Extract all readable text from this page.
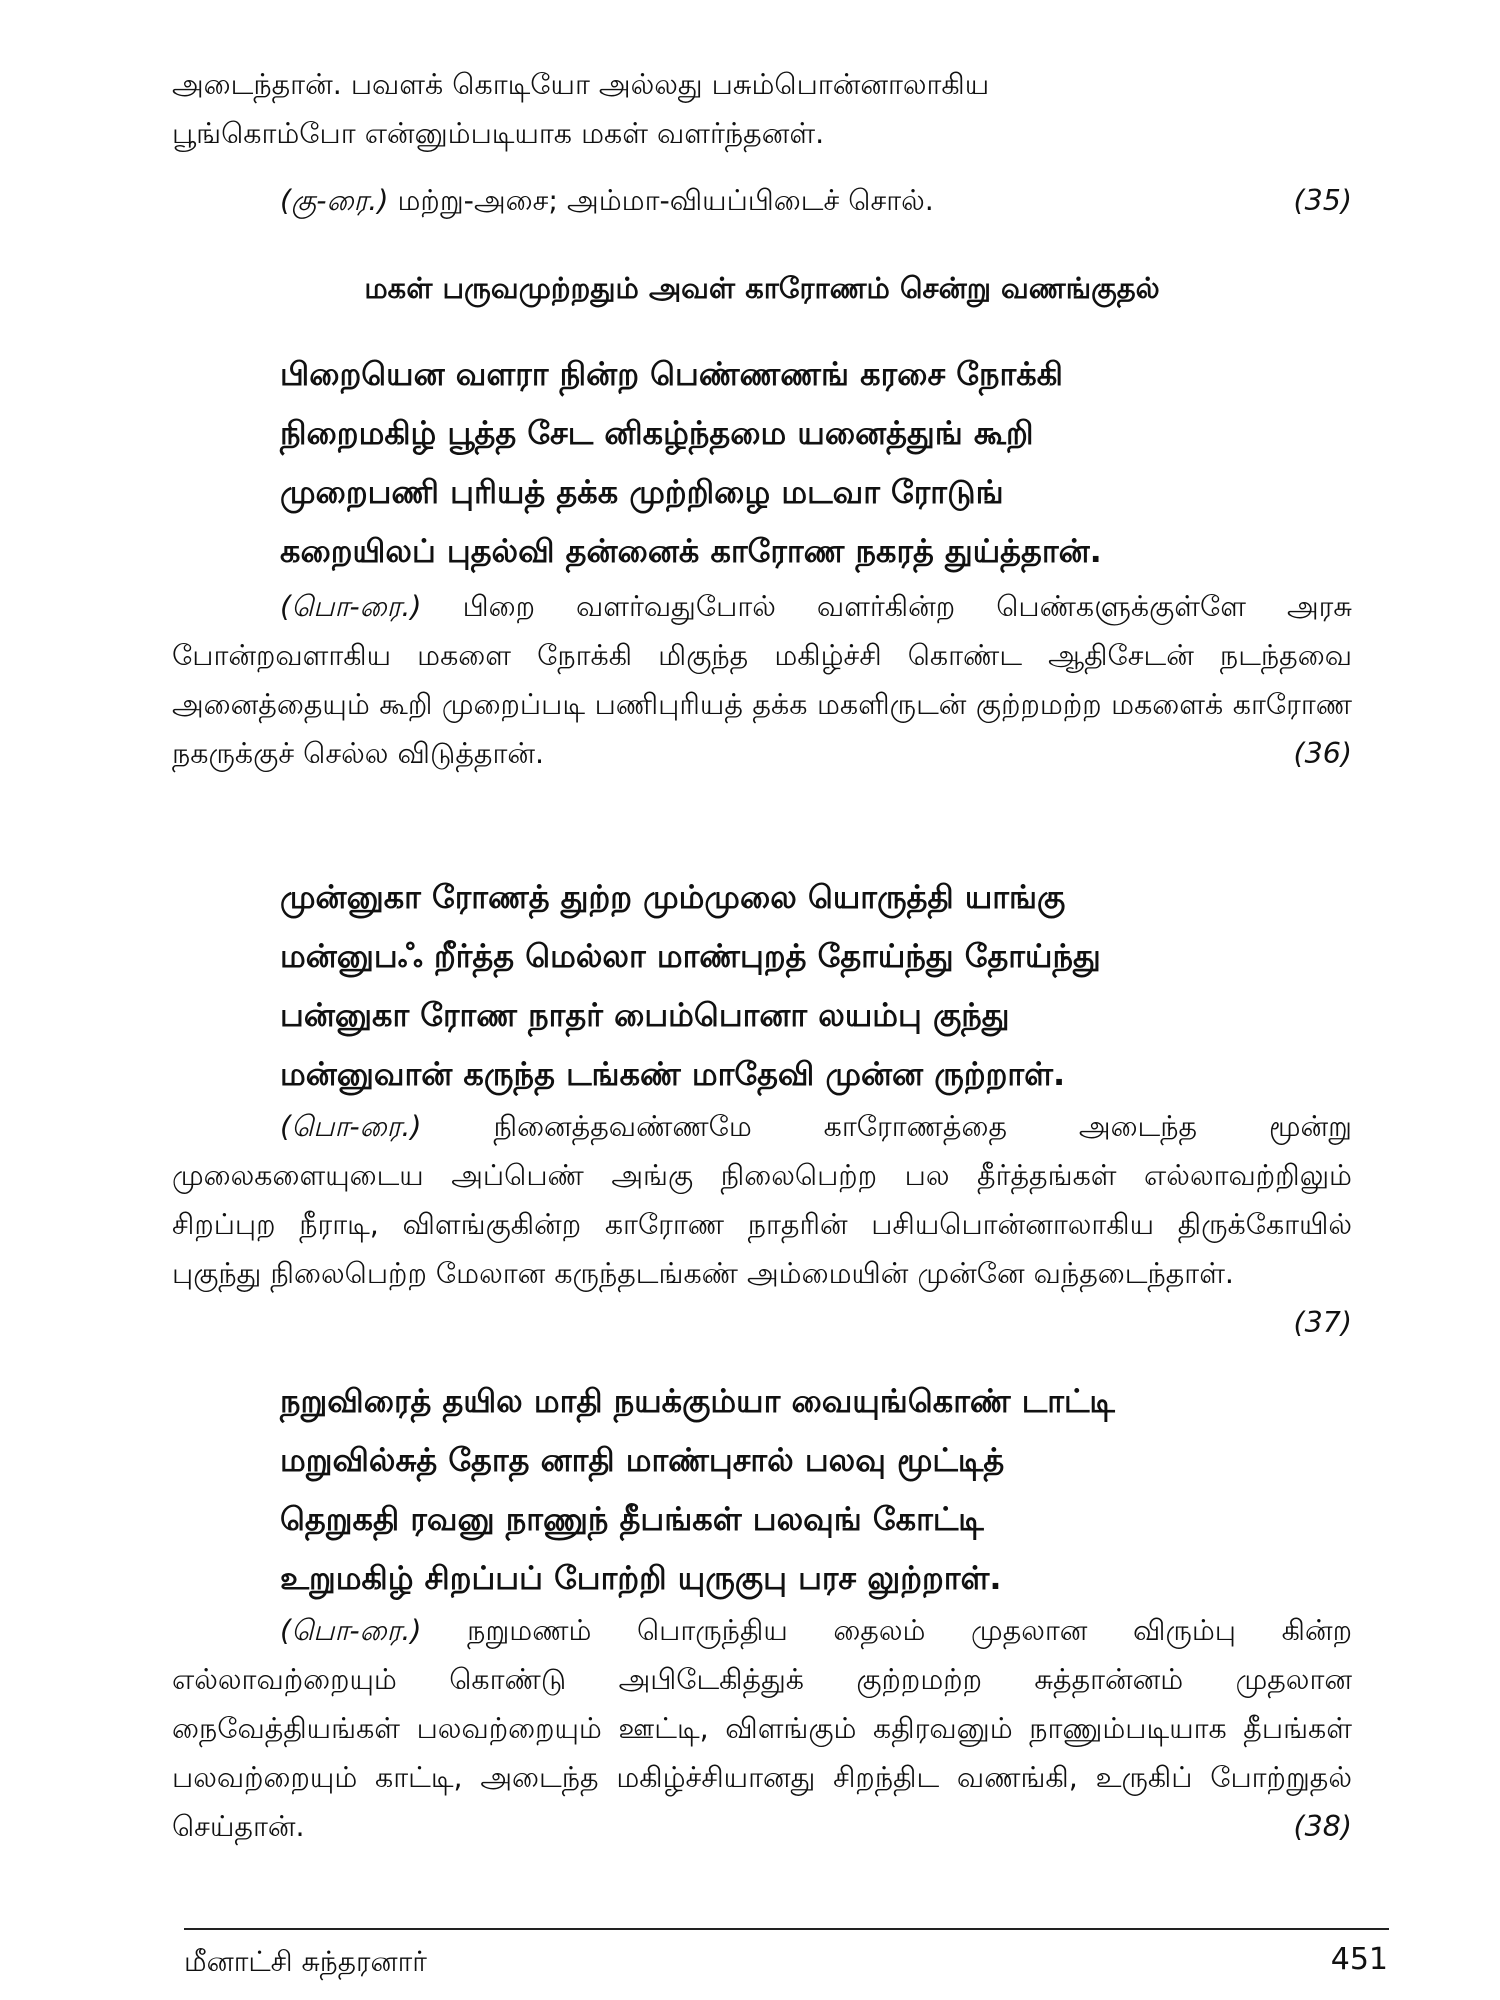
அடைந்தான். பவளக் கொடியோ அல்லது பசும்பொன்னாலாகிய

பூங்கொம்போ என்னும்படியாக மகள் வளர்ந்தனள்.

(கு-ரை.) மற்று-அசை; அம்மா-வியப்பிடைச் சொல்.	(35)

மகள் பருவமுற்றதும் அவள் காரோணம் சென்று வணங்குதல்
பிறையென வளரா நின்ற பெண்ணணங் கரசை நோக்கி
நிறைமகிழ் பூத்த சேட னிகழ்ந்தமை யனைத்துங் கூறி
முறைபணி புரியத் தக்க முற்றிழை மடவா ரோடுங்
கறையிலப் புதல்வி தன்னைக் காரோண நகரத் துய்த்தான்.
(பொ-ரை.) பிறை வளர்வதுபோல் வளர்கின்ற பெண்களுக்குள்ளே அரசு போன்றவளாகிய மகளை நோக்கி மிகுந்த மகிழ்ச்சி கொண்ட ஆதிசேடன் நடந்தவை அனைத்தையும் கூறி முறைப்படி பணிபுரியத் தக்க மகளிருடன் குற்றமற்ற மகளைக் காரோண நகருக்குச் செல்ல விடுத்தான்.	(36)
முன்னுகா ரோணத் துற்ற மும்முலை யொருத்தி யாங்கு
மன்னுபஃ றீர்த்த மெல்லா மாண்புறத் தோய்ந்து தோய்ந்து
பன்னுகா ரோண நாதர் பைம்பொனா லயம்பு குந்து
மன்னுவான் கருந்த டங்கண் மாதேவி முன்ன ருற்றாள்.
(பொ-ரை.)	நினைத்தவண்ணமே காரோணத்தை அடைந்த மூன்று முலைகளையுடைய அப்பெண் அங்கு நிலைபெற்ற பல தீர்த்தங்கள் எல்லாவற்றிலும் சிறப்புற நீராடி, விளங்குகின்ற காரோண நாதரின் பசியபொன்னாலாகிய திருக்கோயில் புகுந்து நிலைபெற்ற மேலான கருந்தடங்கண் அம்மையின் முன்னே வந்தடைந்தாள்.
(37)
நறுவிரைத் தயில மாதி நயக்கும்யா வையுங்கொண் டாட்டி
மறுவில்சுத் தோத னாதி மாண்புசால் பலவு மூட்டித்
தெறுகதி ரவனு நாணுந் தீபங்கள் பலவுங் கோட்டி
உறுமகிழ் சிறப்பப் போற்றி யுருகுபு பரச லுற்றாள்.
(பொ-ரை.) நறுமணம் பொருந்திய தைலம் முதலான விரும்பு கின்ற எல்லாவற்றையும் கொண்டு அபிடேகித்துக் குற்றமற்ற சுத்தான்னம் முதலான நைவேத்தியங்கள் பலவற்றையும் ஊட்டி, விளங்கும் கதிரவனும் நாணும்படியாக தீபங்கள் பலவற்றையும் காட்டி, அடைந்த மகிழ்ச்சியானது சிறந்திட வணங்கி, உருகிப் போற்றுதல் செய்தான்.	(38)
மீனாட்சி சுந்தரனார்	451
